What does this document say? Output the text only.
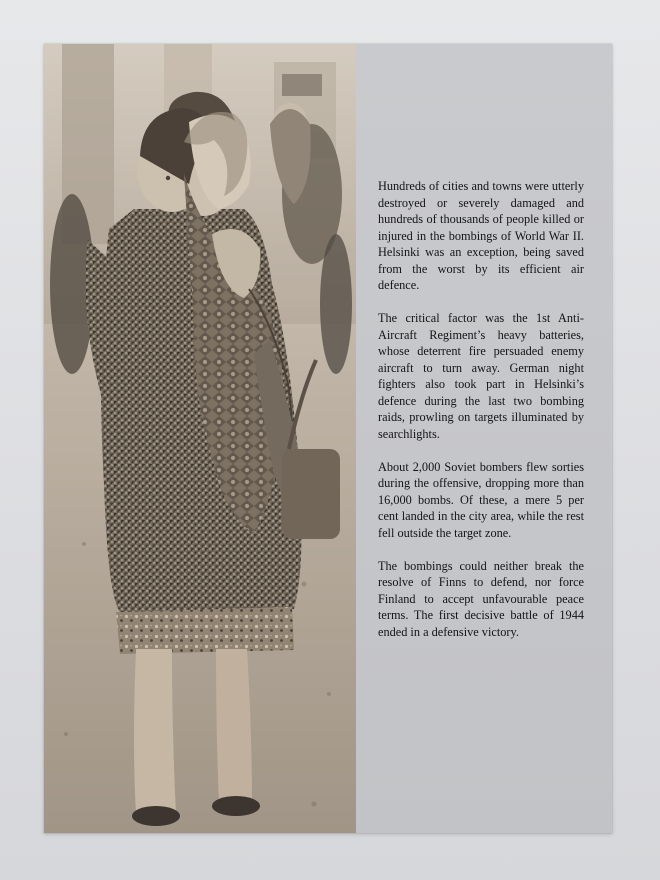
Hundreds of cities and towns were utterly destroyed or severely damaged and hundreds of thousands of people killed or injured in the bombings of World War II. Helsinki was an exception, being saved from the worst by its efficient air defence.

The critical factor was the 1st Anti-Aircraft Regiment’s heavy batteries, whose deterrent fire persuaded enemy aircraft to turn away. German night fighters also took part in Helsinki’s defence during the last two bombing raids, prowling on targets illuminated by searchlights.

About 2,000 Soviet bombers flew sorties during the offensive, dropping more than 16,000 bombs. Of these, a mere 5 per cent landed in the city area, while the rest fell outside the target zone.

The bombings could neither break the resolve of Finns to defend, nor force Finland to accept unfavourable peace terms. The first decisive battle of 1944 ended in a defensive victory.
